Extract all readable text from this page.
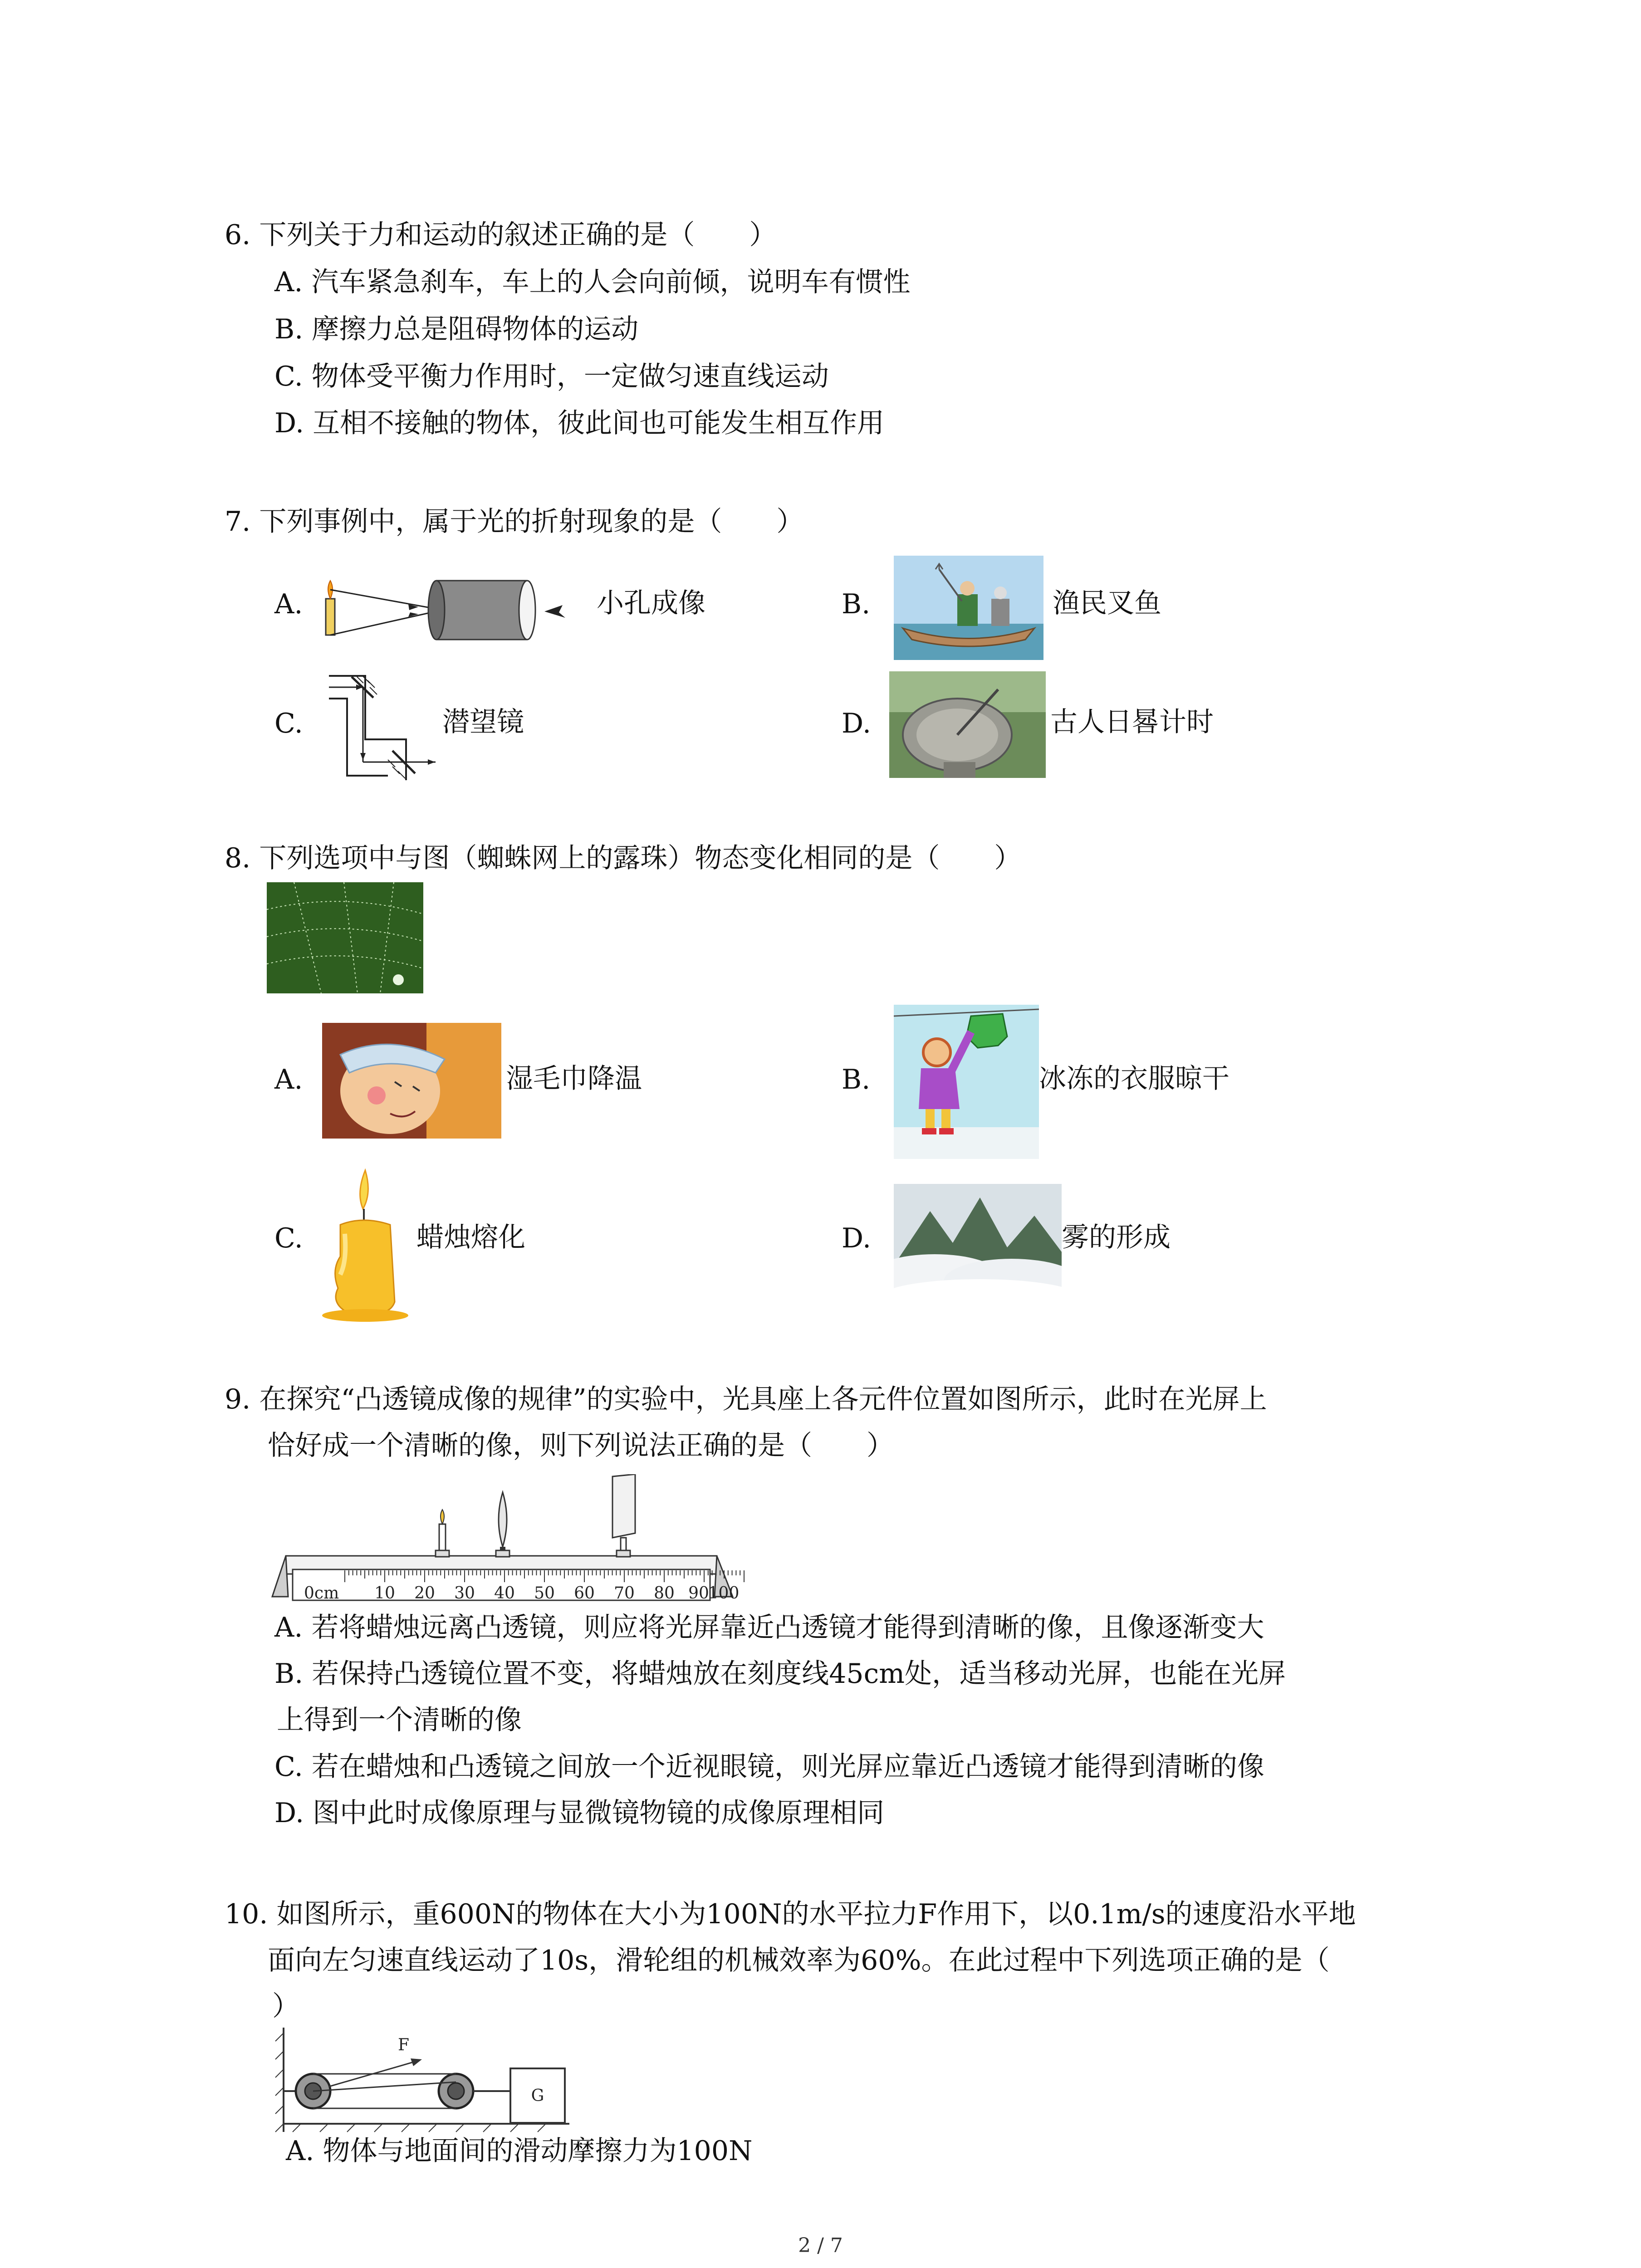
6. 下列关于力和运动的叙述正确的是（　　）
A. 汽车紧急刹车，车上的人会向前倾，说明车有惯性
B. 摩擦力总是阻碍物体的运动
C. 物体受平衡力作用时，一定做匀速直线运动
D. 互相不接触的物体，彼此间也可能发生相互作用
7. 下列事例中，属于光的折射现象的是（　　）
A.	小孔成像	B.	渔民叉鱼
C.	潜望镜	D.	古人日晷计时
8. 下列选项中与图（蜘蛛网上的露珠）物态变化相同的是（　　）
A.	湿毛巾降温	B.	冰冻的衣服晾干
C.	蜡烛熔化	D.	雾的形成
9. 在探究“凸透镜成像的规律”的实验中，光具座上各元件位置如图所示，此时在光屏上
恰好成一个清晰的像，则下列说法正确的是（　　）
0cm 10 20 30 40 50 60 70 80 90
100
A. 若将蜡烛远离凸透镜，则应将光屏靠近凸透镜才能得到清晰的像，且像逐渐变大
B. 若保持凸透镜位置不变，将蜡烛放在刻度线45cm处，适当移动光屏，也能在光屏
上得到一个清晰的像
C. 若在蜡烛和凸透镜之间放一个近视眼镜，则光屏应靠近凸透镜才能得到清晰的像
D. 图中此时成像原理与显微镜物镜的成像原理相同
10. 如图所示，重600N的物体在大小为100N的水平拉力F作用下，以0.1m/s的速度沿水平地
面向左匀速直线运动了10s，滑轮组的机械效率为60%。在此过程中下列选项正确的是（
）
F
G
A. 物体与地面间的滑动摩擦力为100N
2 / 7
